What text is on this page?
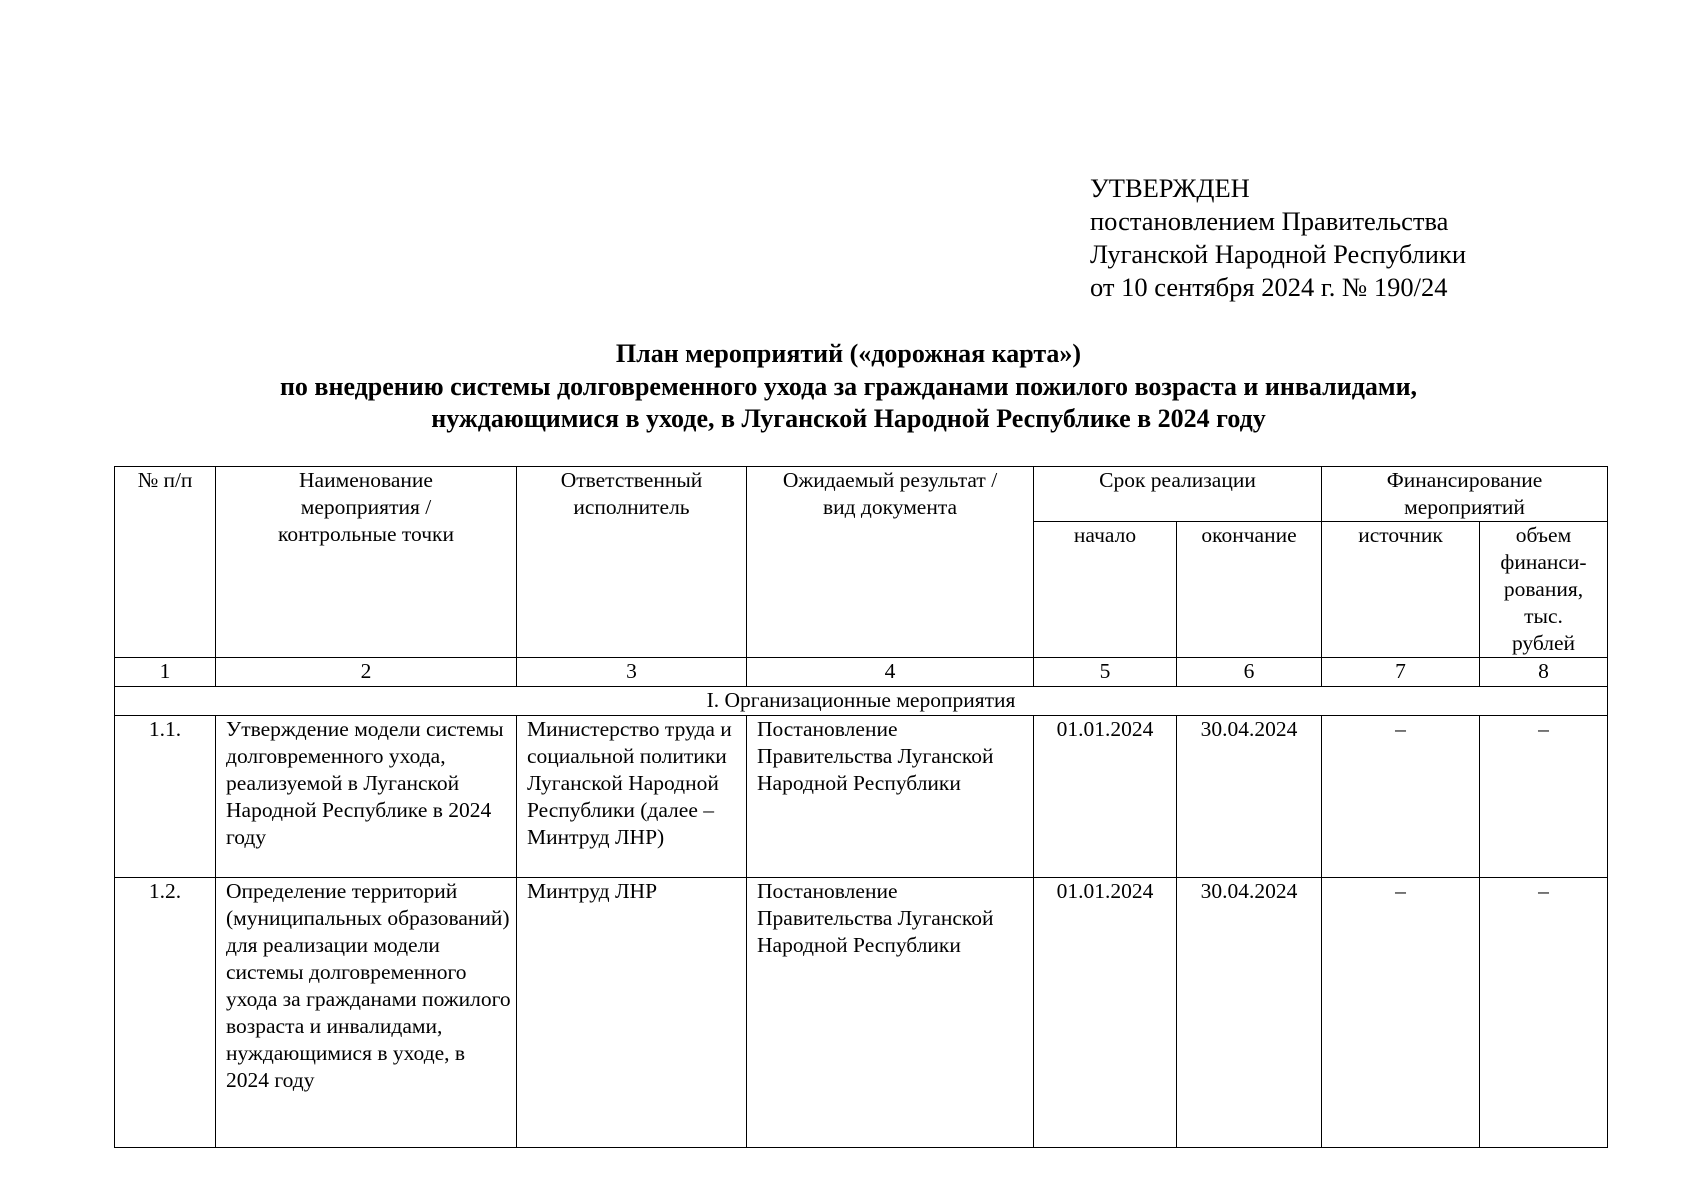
УТВЕРЖДЕН
постановлением Правительства
Луганской Народной Республики
от 10 сентября 2024 г. № 190/24
План мероприятий («дорожная карта»)
по внедрению системы долговременного ухода за гражданами пожилого возраста и инвалидами,
нуждающимися в уходе, в Луганской Народной Республике в 2024 году
№ п/п	Наименование мероприятия / контрольные точки	Ответственный исполнитель	Ожидаемый результат / вид документа	Срок реализации		Финансирование мероприятий	
				начало	окончание	источник	объем финанси-рования, тыс. рублей
1	2	3	4	5	6	7	8
I. Организационные мероприятия							
1.1.	Утверждение модели системы долговременного ухода, реализуемой в Луганской Народной Республике в 2024 году	Министерство труда и социальной политики Луганской Народной Республики (далее – Минтруд ЛНР)	Постановление Правительства Луганской Народной Республики	01.01.2024	30.04.2024	–	–
1.2.	Определение территорий (муниципальных образований) для реализации модели системы долговременного ухода за гражданами пожилого возраста и инвалидами, нуждающимися в уходе, в 2024 году	Минтруд ЛНР	Постановление Правительства Луганской Народной Республики	01.01.2024	30.04.2024	–	–
